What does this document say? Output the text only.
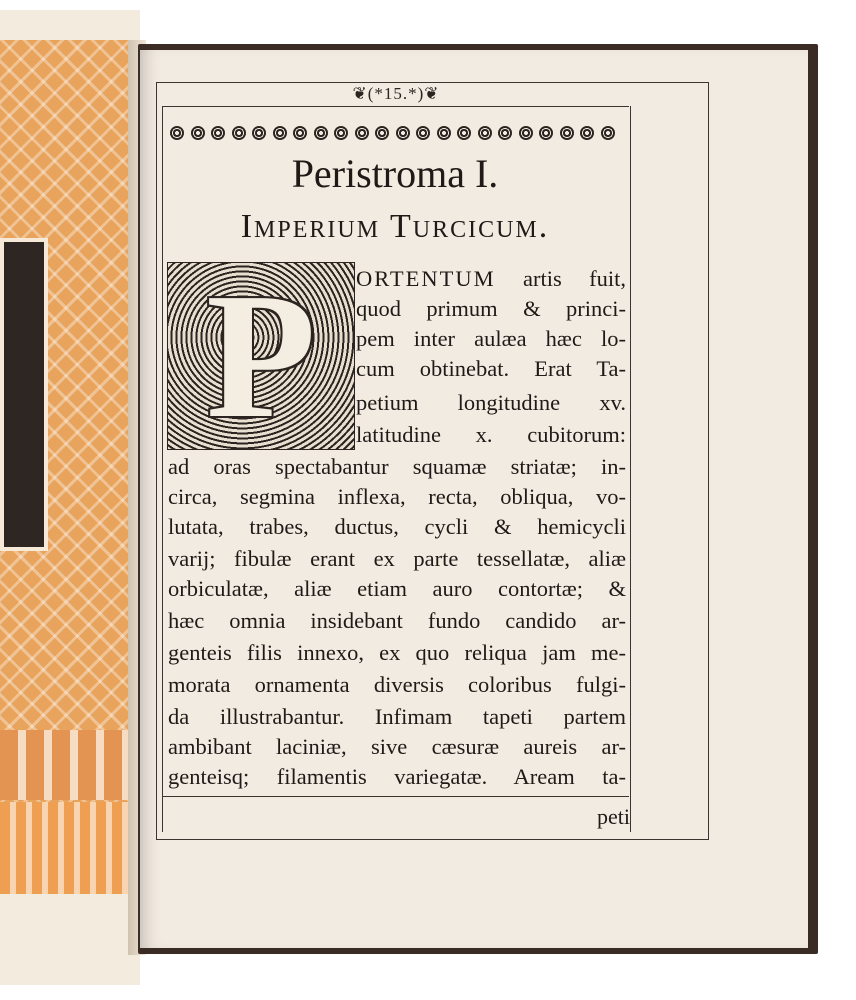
❦(*15.*)❦
Peristroma I.
Imperium Turcicum.
P ORTENTUM artis fuit,
quod primum & princi-
pem inter aulæa hæc lo-
cum obtinebat. Erat Ta-
petium longitudine xv.
latitudine x. cubitorum:
ad oras spectabantur squamæ striatæ; in-
circa, segmina inflexa, recta, obliqua, vo-
lutata, trabes, ductus, cycli & hemicycli
varij; fibulæ erant ex parte tessellatæ, aliæ
orbiculatæ, aliæ etiam auro contortæ; &
hæc omnia insidebant fundo candido ar-
genteis filis innexo, ex quo reliqua jam me-
morata ornamenta diversis coloribus fulgi-
da illustrabantur. Infimam tapeti partem
ambibant laciniæ, sive cæsuræ aureis ar-
genteisq; filamentis variegatæ. Aream ta-
peti
